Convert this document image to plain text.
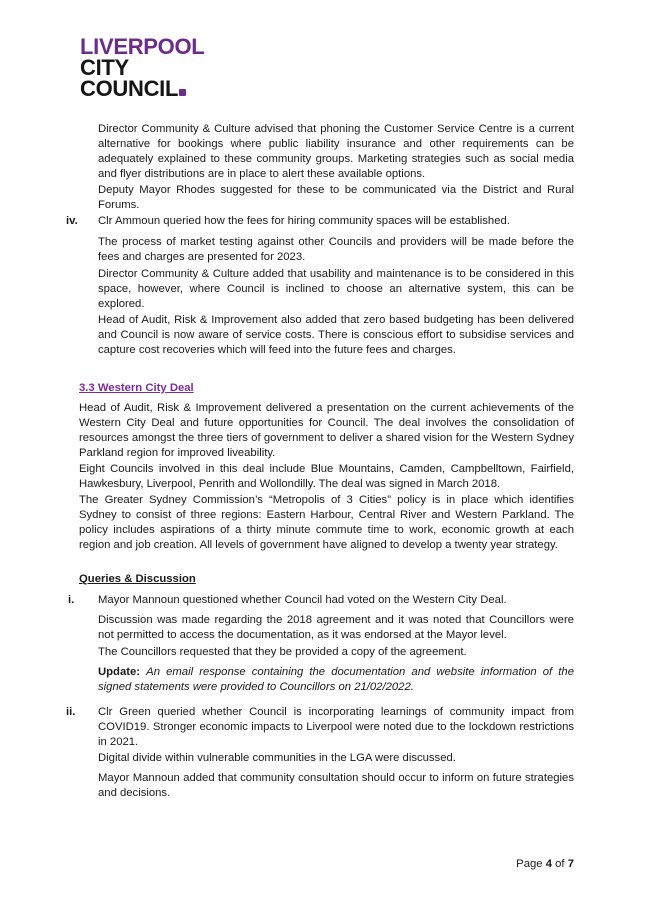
LIVERPOOL
CITY
COUNCIL

Director Community & Culture advised that phoning the Customer Service Centre is a current alternative for bookings where public liability insurance and other requirements can be adequately explained to these community groups. Marketing strategies such as social media and flyer distributions are in place to alert these available options.

Deputy Mayor Rhodes suggested for these to be communicated via the District and Rural Forums.

iv. Clr Ammoun queried how the fees for hiring community spaces will be established.

The process of market testing against other Councils and providers will be made before the fees and charges are presented for 2023.

Director Community & Culture added that usability and maintenance is to be considered in this space, however, where Council is inclined to choose an alternative system, this can be explored.

Head of Audit, Risk & Improvement also added that zero based budgeting has been delivered and Council is now aware of service costs. There is conscious effort to subsidise services and capture cost recoveries which will feed into the future fees and charges.

3.3 Western City Deal

Head of Audit, Risk & Improvement delivered a presentation on the current achievements of the Western City Deal and future opportunities for Council. The deal involves the consolidation of resources amongst the three tiers of government to deliver a shared vision for the Western Sydney Parkland region for improved liveability.

Eight Councils involved in this deal include Blue Mountains, Camden, Campbelltown, Fairfield, Hawkesbury, Liverpool, Penrith and Wollondilly. The deal was signed in March 2018.

The Greater Sydney Commission’s “Metropolis of 3 Cities” policy is in place which identifies Sydney to consist of three regions: Eastern Harbour, Central River and Western Parkland. The policy includes aspirations of a thirty minute commute time to work, economic growth at each region and job creation. All levels of government have aligned to develop a twenty year strategy.

Queries & Discussion
i. Mayor Mannoun questioned whether Council had voted on the Western City Deal.

Discussion was made regarding the 2018 agreement and it was noted that Councillors were not permitted to access the documentation, as it was endorsed at the Mayor level.

The Councillors requested that they be provided a copy of the agreement.

Update: An email response containing the documentation and website information of the signed statements were provided to Councillors on 21/02/2022.

ii. Clr Green queried whether Council is incorporating learnings of community impact from COVID19. Stronger economic impacts to Liverpool were noted due to the lockdown restrictions in 2021.

Digital divide within vulnerable communities in the LGA were discussed.

Mayor Mannoun added that community consultation should occur to inform on future strategies and decisions.

Page 4 of 7
